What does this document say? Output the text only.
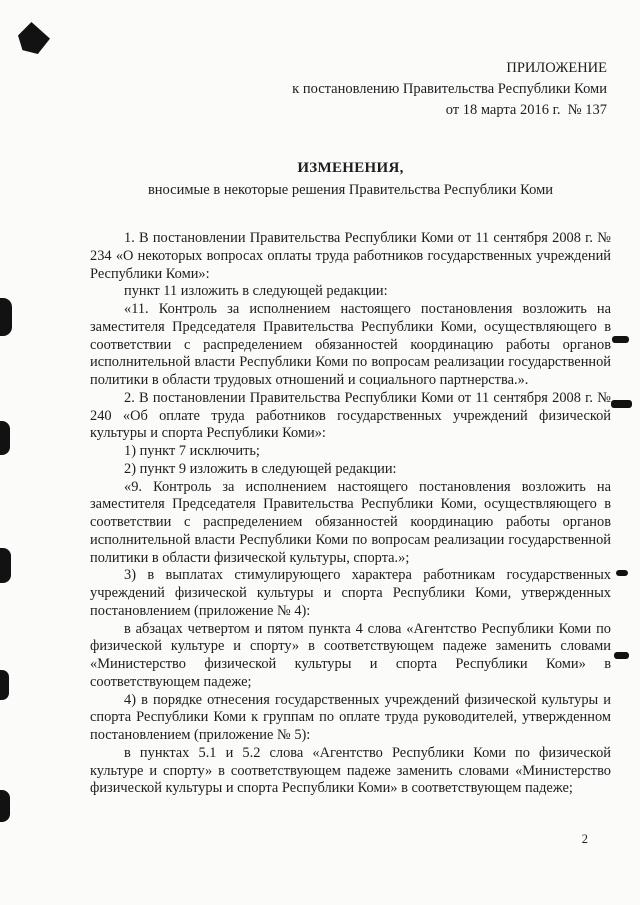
ПРИЛОЖЕНИЕ
к постановлению Правительства Республики Коми
от 18 марта 2016 г.  № 137
ИЗМЕНЕНИЯ,
вносимые в некоторые решения Правительства Республики Коми

1. В постановлении Правительства Республики Коми от 11 сентября 2008 г. № 234 «О некоторых вопросах оплаты труда работников государственных учреждений Республики Коми»:

пункт 11 изложить в следующей редакции:

«11. Контроль за исполнением настоящего постановления возложить на заместителя Председателя Правительства Республики Коми, осуществляющего в соответствии с распределением обязанностей координацию работы органов исполнительной власти Республики Коми по вопросам реализации государственной политики в области трудовых отношений и социального партнерства.».

2. В постановлении Правительства Республики Коми от 11 сентября 2008 г. № 240 «Об оплате труда работников государственных учреждений физической культуры и спорта Республики Коми»:

1) пункт 7 исключить;

2) пункт 9 изложить в следующей редакции:

«9. Контроль за исполнением настоящего постановления возложить на заместителя Председателя Правительства Республики Коми, осуществляющего в соответствии с распределением обязанностей координацию работы органов исполнительной власти Республики Коми по вопросам реализации государственной политики в области физической культуры, спорта.»;

3) в выплатах стимулирующего характера работникам государственных учреждений физической культуры и спорта Республики Коми, утвержденных постановлением (приложение № 4):

в абзацах четвертом и пятом пункта 4 слова «Агентство Республики Коми по физической культуре и спорту» в соответствующем падеже заменить словами «Министерство физической культуры и спорта Республики Коми» в соответствующем падеже;

4) в порядке отнесения государственных учреждений физической культуры и спорта Республики Коми к группам по оплате труда руководителей, утвержденном постановлением (приложение № 5):

в пунктах 5.1 и 5.2 слова «Агентство Республики Коми по физической культуре и спорту» в соответствующем падеже заменить словами «Министерство физической культуры и спорта Республики Коми» в соответствующем падеже;

2
